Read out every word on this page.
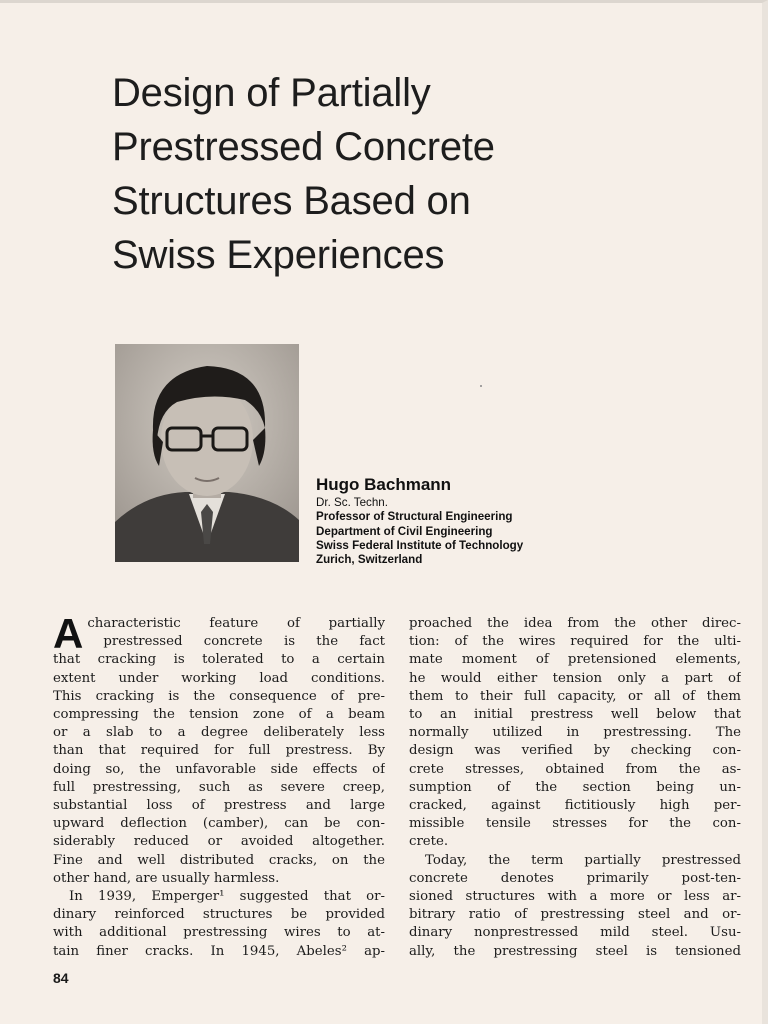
Design of Partially
Prestressed Concrete
Structures Based on
Swiss Experiences
Hugo Bachmann
Dr. Sc. Techn.
Professor of Structural Engineering
Department of Civil Engineering
Swiss Federal Institute of Technology
Zurich, Switzerland
A characteristic feature of partially
prestressed concrete is the fact
that cracking is tolerated to a certain
extent under working load conditions.
This cracking is the consequence of pre-
compressing the tension zone of a beam
or a slab to a degree deliberately less
than that required for full prestress. By
doing so, the unfavorable side effects of
full prestressing, such as severe creep,
substantial loss of prestress and large
upward deflection (camber), can be con-
siderably reduced or avoided altogether.
Fine and well distributed cracks, on the
other hand, are usually harmless.
In 1939, Emperger¹ suggested that or-
dinary reinforced structures be provided
with additional prestressing wires to at-
tain finer cracks. In 1945, Abeles² ap-
proached the idea from the other direc-
tion: of the wires required for the ulti-
mate moment of pretensioned elements,
he would either tension only a part of
them to their full capacity, or all of them
to an initial prestress well below that
normally utilized in prestressing. The
design was verified by checking con-
crete stresses, obtained from the as-
sumption of the section being un-
cracked, against fictitiously high per-
missible tensile stresses for the con-
crete.
Today, the term partially prestressed
concrete denotes primarily post-ten-
sioned structures with a more or less ar-
bitrary ratio of prestressing steel and or-
dinary nonprestressed mild steel. Usu-
ally, the prestressing steel is tensioned
84
